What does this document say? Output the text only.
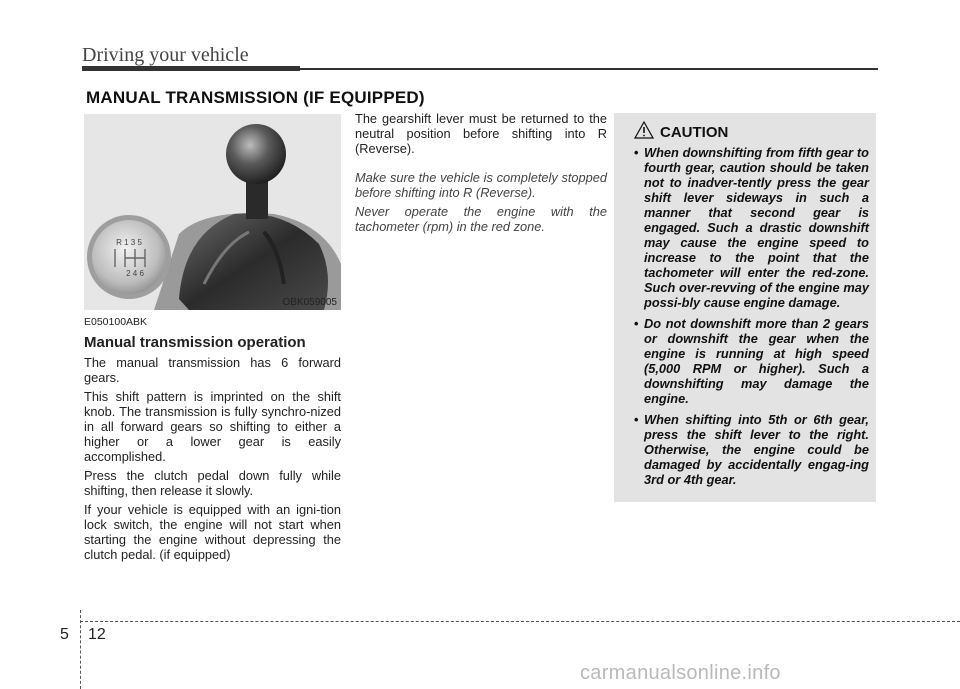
Driving your vehicle
MANUAL TRANSMISSION (IF EQUIPPED)
R 1 3 5
2 4 6
OBK059005
E050100ABK
Manual transmission operation

The manual transmission has 6 forward gears.

This shift pattern is imprinted on the shift knob. The transmission is fully synchro-nized in all forward gears so shifting to either a higher or a lower gear is easily accomplished.

Press the clutch pedal down fully while shifting, then release it slowly.

If your vehicle is equipped with an igni-tion lock switch, the engine will not start when starting the engine without depressing the clutch pedal. (if equipped)

The gearshift lever must be returned to the neutral position before shifting into R (Reverse).

Make sure the vehicle is completely stopped before shifting into R (Reverse).

Never operate the engine with the tachometer (rpm) in the red zone.

CAUTION
• When downshifting from fifth gear to fourth gear, caution should be taken not to inadver-tently press the gear shift lever sideways in such a manner that second gear is engaged. Such a drastic downshift may cause the engine speed to increase to the point that the tachometer will enter the red-zone. Such over-revving of the engine may possi-bly cause engine damage.
• Do not downshift more than 2 gears or downshift the gear when the engine is running at high speed (5,000 RPM or higher). Such a downshifting may damage the engine.
• When shifting into 5th or 6th gear, press the shift lever to the right. Otherwise, the engine could be damaged by accidentally engag-ing 3rd or 4th gear.
5 12
carmanualsonline.info
